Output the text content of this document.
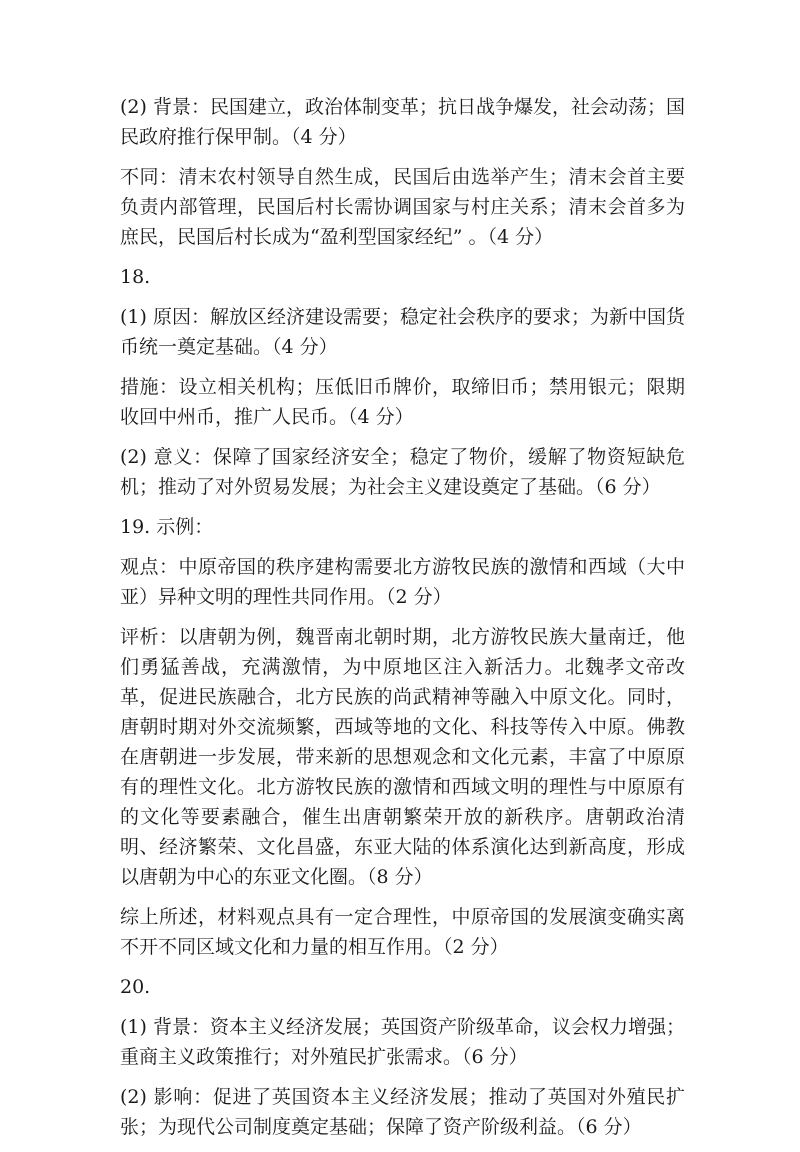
(2) 背景：民国建立，政治体制变革；抗日战争爆发，社会动荡；国民政府推行保甲制。（4 分）

不同：清末农村领导自然生成，民国后由选举产生；清末会首主要负责内部管理，民国后村长需协调国家与村庄关系；清末会首多为庶民，民国后村长成为“盈利型国家经纪” 。（4 分）

18.

(1) 原因：解放区经济建设需要；稳定社会秩序的要求；为新中国货币统一奠定基础。（4 分）

措施：设立相关机构；压低旧币牌价，取缔旧币；禁用银元；限期收回中州币，推广人民币。（4 分）

(2) 意义：保障了国家经济安全；稳定了物价，缓解了物资短缺危机；推动了对外贸易发展；为社会主义建设奠定了基础。（6 分）

19. 示例：

观点：中原帝国的秩序建构需要北方游牧民族的激情和西域（大中亚）异种文明的理性共同作用。（2 分）

评析：以唐朝为例，魏晋南北朝时期，北方游牧民族大量南迁，他们勇猛善战，充满激情，为中原地区注入新活力。北魏孝文帝改革，促进民族融合，北方民族的尚武精神等融入中原文化。同时，唐朝时期对外交流频繁，西域等地的文化、科技等传入中原。佛教在唐朝进一步发展，带来新的思想观念和文化元素，丰富了中原原有的理性文化。北方游牧民族的激情和西域文明的理性与中原原有的文化等要素融合，催生出唐朝繁荣开放的新秩序。唐朝政治清明、经济繁荣、文化昌盛，东亚大陆的体系演化达到新高度，形成以唐朝为中心的东亚文化圈。（8 分）

综上所述，材料观点具有一定合理性，中原帝国的发展演变确实离不开不同区域文化和力量的相互作用。（2 分）

20.

(1) 背景：资本主义经济发展；英国资产阶级革命，议会权力增强；重商主义政策推行；对外殖民扩张需求。（6 分）

(2) 影响：促进了英国资本主义经济发展；推动了英国对外殖民扩张；为现代公司制度奠定基础；保障了资产阶级利益。（6 分）
